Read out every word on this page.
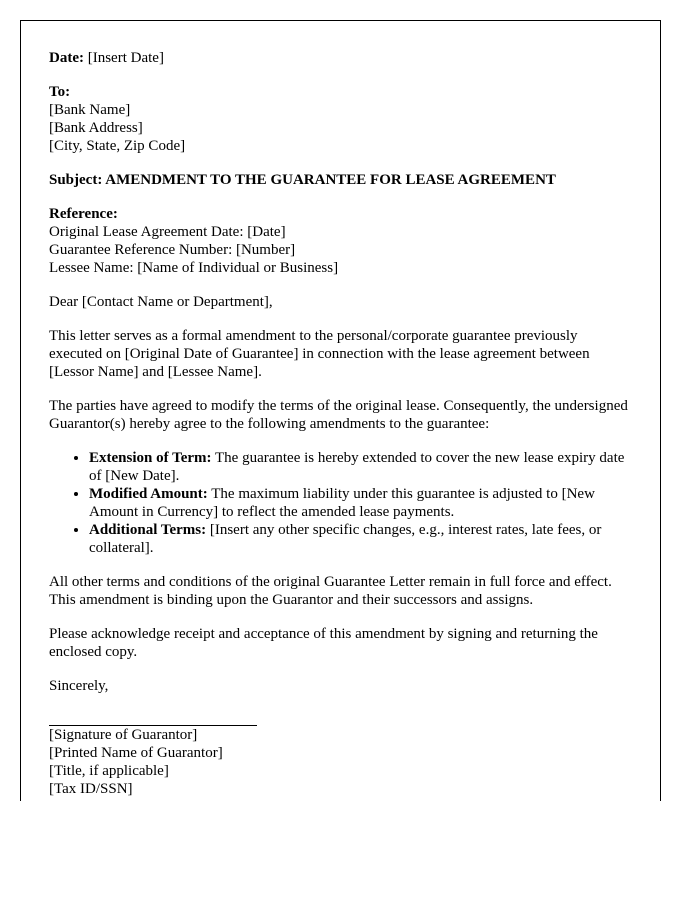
Date: [Insert Date]

To:

[Bank Name]

[Bank Address]

[City, State, Zip Code]

Subject: AMENDMENT TO THE GUARANTEE FOR LEASE AGREEMENT

Reference:

Original Lease Agreement Date: [Date]

Guarantee Reference Number: [Number]

Lessee Name: [Name of Individual or Business]

Dear [Contact Name or Department],

This letter serves as a formal amendment to the personal/corporate guarantee previously executed on [Original Date of Guarantee] in connection with the lease agreement between [Lessor Name] and [Lessee Name].

The parties have agreed to modify the terms of the original lease. Consequently, the undersigned Guarantor(s) hereby agree to the following amendments to the guarantee:

• Extension of Term: The guarantee is hereby extended to cover the new lease expiry date of [New Date].
• Modified Amount: The maximum liability under this guarantee is adjusted to [New Amount in Currency] to reflect the amended lease payments.
• Additional Terms: [Insert any other specific changes, e.g., interest rates, late fees, or collateral].

All other terms and conditions of the original Guarantee Letter remain in full force and effect. This amendment is binding upon the Guarantor and their successors and assigns.

Please acknowledge receipt and acceptance of this amendment by signing and returning the enclosed copy.

Sincerely,

[Signature of Guarantor]

[Printed Name of Guarantor]

[Title, if applicable]

[Tax ID/SSN]
